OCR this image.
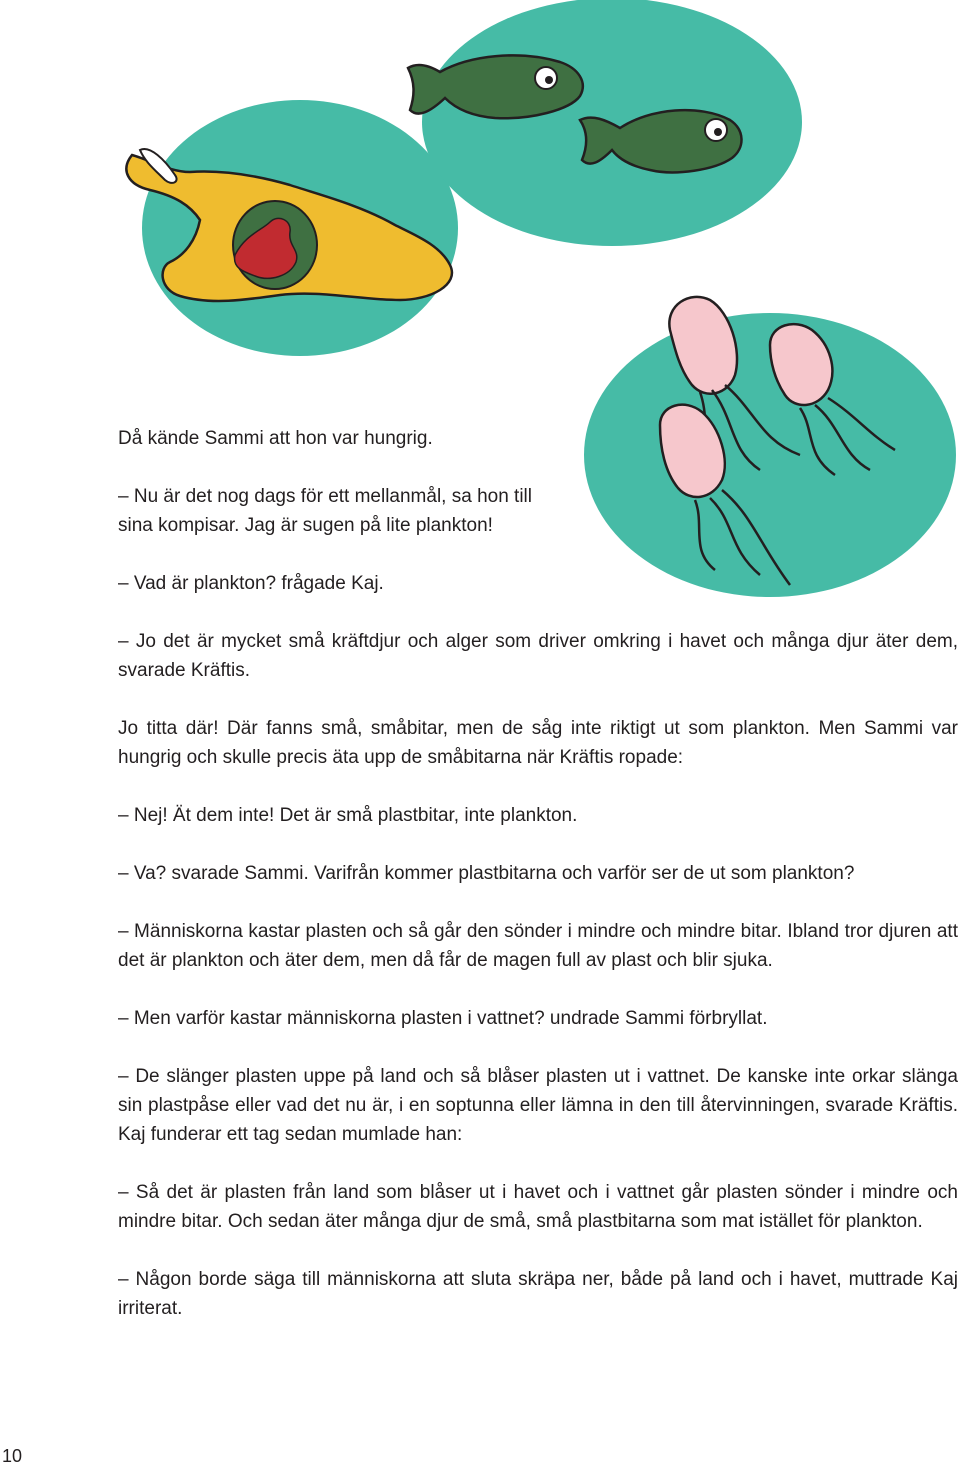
Då kände Sammi att hon var hungrig.

– Nu är det nog dags för ett mellanmål, sa hon till sina kompisar. Jag är sugen på lite plankton!

– Vad är plankton? frågade Kaj.

– Jo det är mycket små kräftdjur och alger som driver omkring i havet och många djur äter dem, svarade Kräftis.

Jo titta där! Där fanns små, småbitar, men de såg inte riktigt ut som plankton. Men Sammi var hungrig och skulle precis äta upp de småbitarna när Kräftis ropade:

– Nej! Ät dem inte! Det är små plastbitar, inte plankton.

– Va? svarade Sammi. Varifrån kommer plastbitarna och varför ser de ut som plankton?

– Människorna kastar plasten och så går den sönder i mindre och mindre bitar. Ibland tror djuren att det är plankton och äter dem, men då får de magen full av plast och blir sjuka.

– Men varför kastar människorna plasten i vattnet? undrade Sammi förbryllat.

– De slänger plasten uppe på land och så blåser plasten ut i vattnet. De kanske inte orkar slänga sin plastpåse eller vad det nu är, i en soptunna eller lämna in den till återvinningen, svarade Kräftis. Kaj funderar ett tag sedan mumlade han:

– Så det är plasten från land som blåser ut i havet och i vattnet går plasten sönder i mindre och mindre bitar. Och sedan äter många djur de små, små plastbitarna som mat istället för plankton.

– Någon borde säga till människorna att sluta skräpa ner, både på land och i havet, muttrade Kaj irriterat.

10
